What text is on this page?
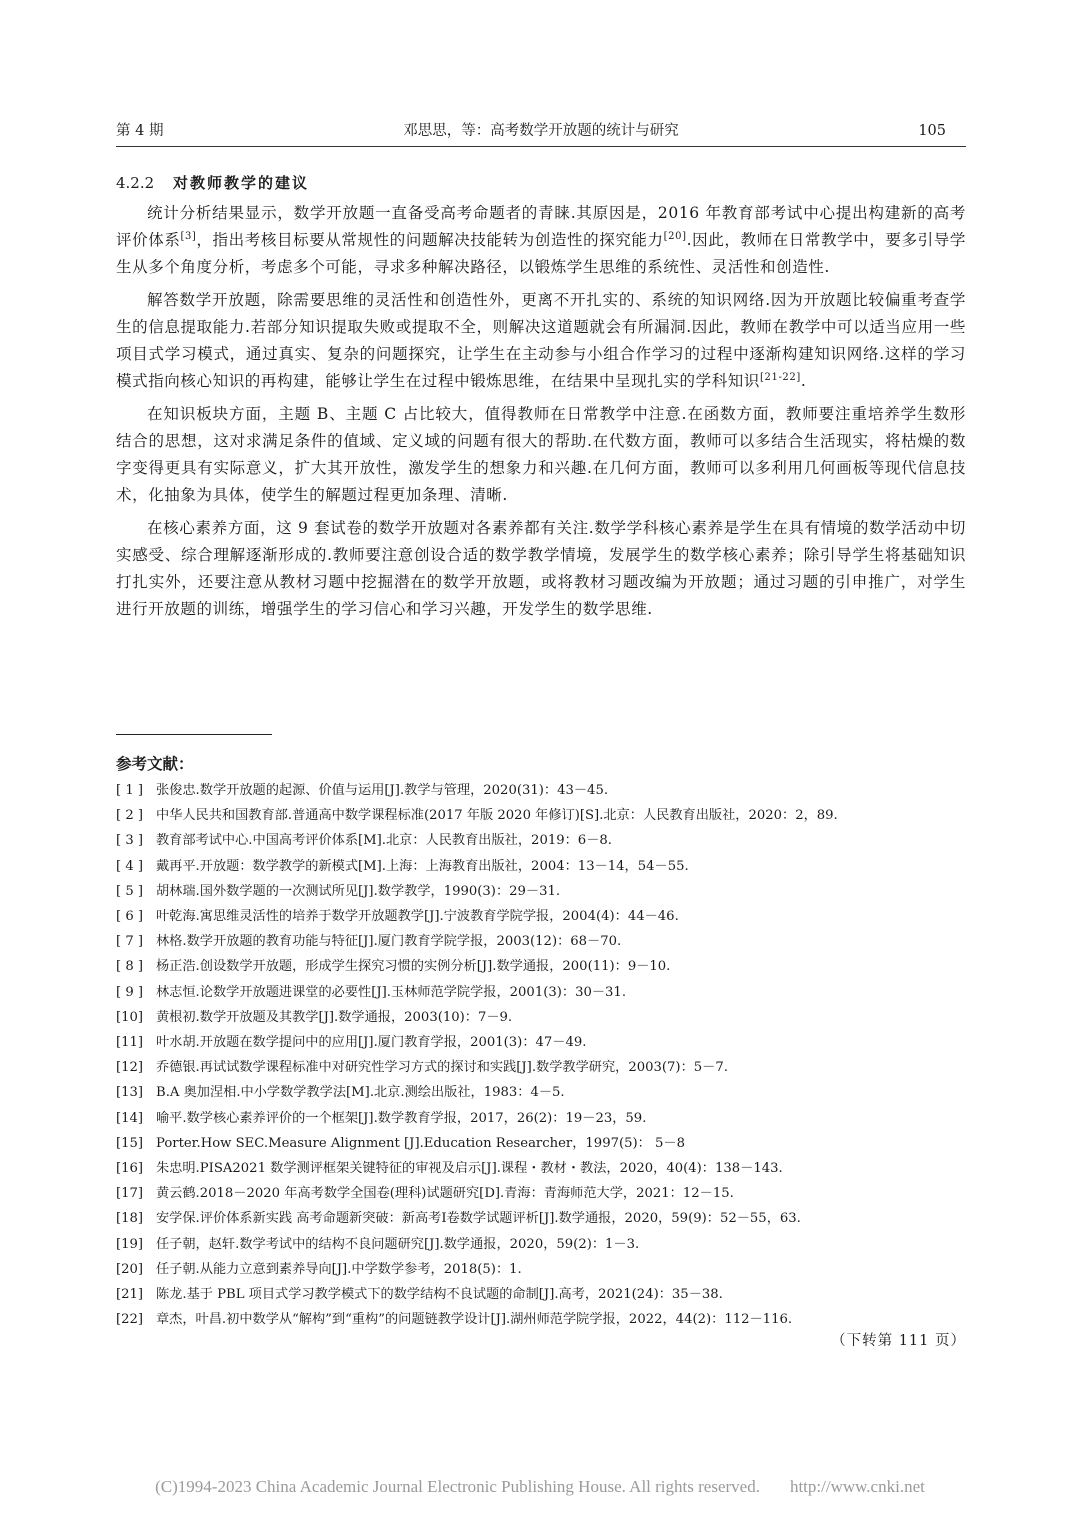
第 4 期	邓思思，等：高考数学开放题的统计与研究	105
4.2.2 对教师教学的建议

统计分析结果显示，数学开放题一直备受高考命题者的青睐.其原因是，2016 年教育部考试中心提出构建新的高考评价体系[3]，指出考核目标要从常规性的问题解决技能转为创造性的探究能力[20].因此，教师在日常教学中，要多引导学生从多个角度分析，考虑多个可能，寻求多种解决路径，以锻炼学生思维的系统性、灵活性和创造性.

解答数学开放题，除需要思维的灵活性和创造性外，更离不开扎实的、系统的知识网络.因为开放题比较偏重考查学生的信息提取能力.若部分知识提取失败或提取不全，则解决这道题就会有所漏洞.因此，教师在教学中可以适当应用一些项目式学习模式，通过真实、复杂的问题探究，让学生在主动参与小组合作学习的过程中逐渐构建知识网络.这样的学习模式指向核心知识的再构建，能够让学生在过程中锻炼思维，在结果中呈现扎实的学科知识[21-22].

在知识板块方面，主题 B、主题 C 占比较大，值得教师在日常教学中注意.在函数方面，教师要注重培养学生数形结合的思想，这对求满足条件的值域、定义域的问题有很大的帮助.在代数方面，教师可以多结合生活现实，将枯燥的数字变得更具有实际意义，扩大其开放性，激发学生的想象力和兴趣.在几何方面，教师可以多利用几何画板等现代信息技术，化抽象为具体，使学生的解题过程更加条理、清晰.

在核心素养方面，这 9 套试卷的数学开放题对各素养都有关注.数学学科核心素养是学生在具有情境的数学活动中切实感受、综合理解逐渐形成的.教师要注意创设合适的数学教学情境，发展学生的数学核心素养；除引导学生将基础知识打扎实外，还要注意从教材习题中挖掘潜在的数学开放题，或将教材习题改编为开放题；通过习题的引申推广，对学生进行开放题的训练，增强学生的学习信心和学习兴趣，开发学生的数学思维.

参考文献：
[ 1 ] 张俊忠.数学开放题的起源、价值与运用[J].教学与管理，2020(31)：43－45.
[ 2 ] 中华人民共和国教育部.普通高中数学课程标准(2017 年版 2020 年修订)[S].北京：人民教育出版社，2020：2，89.
[ 3 ] 教育部考试中心.中国高考评价体系[M].北京：人民教育出版社，2019：6－8.
[ 4 ] 戴再平.开放题：数学教学的新模式[M].上海：上海教育出版社，2004：13－14，54－55.
[ 5 ] 胡林瑞.国外数学题的一次测试所见[J].数学教学，1990(3)：29－31.
[ 6 ] 叶乾海.寓思维灵活性的培养于数学开放题教学[J].宁波教育学院学报，2004(4)：44－46.
[ 7 ] 林格.数学开放题的教育功能与特征[J].厦门教育学院学报，2003(12)：68－70.
[ 8 ] 杨正浩.创设数学开放题，形成学生探究习惯的实例分析[J].数学通报，200(11)：9－10.
[ 9 ] 林志恒.论数学开放题进课堂的必要性[J].玉林师范学院学报，2001(3)：30－31.
[10] 黄根初.数学开放题及其教学[J].数学通报，2003(10)：7－9.
[11] 叶水胡.开放题在数学提问中的应用[J].厦门教育学报，2001(3)：47－49.
[12] 乔德银.再试试数学课程标准中对研究性学习方式的探讨和实践[J].数学教学研究，2003(7)：5－7.
[13] B.A 奥加涅相.中小学数学教学法[M].北京.测绘出版社，1983：4－5.
[14] 喻平.数学核心素养评价的一个框架[J].数学教育学报，2017，26(2)：19－23，59.
[15] Porter.How SEC.Measure Alignment [J].Education Researcher，1997(5)： 5－8
[16] 朱忠明.PISA2021 数学测评框架关键特征的审视及启示[J].课程・教材・教法，2020，40(4)：138－143.
[17] 黄云鹤.2018－2020 年高考数学全国卷(理科)试题研究[D].青海：青海师范大学，2021：12－15.
[18] 安学保.评价体系新实践 高考命题新突破：新高考Ⅰ卷数学试题评析[J].数学通报，2020，59(9)：52－55，63.
[19] 任子朝，赵轩.数学考试中的结构不良问题研究[J].数学通报，2020，59(2)：1－3.
[20] 任子朝.从能力立意到素养导向[J].中学数学参考，2018(5)：1.
[21] 陈龙.基于 PBL 项目式学习教学模式下的数学结构不良试题的命制[J].高考，2021(24)：35－38.
[22] 章杰，叶昌.初中数学从“解构”到“重构”的问题链教学设计[J].湖州师范学院学报，2022，44(2)：112－116.
（下转第 111 页）
(C)1994-2023 China Academic Journal Electronic Publishing House. All rights reserved. http://www.cnki.net
